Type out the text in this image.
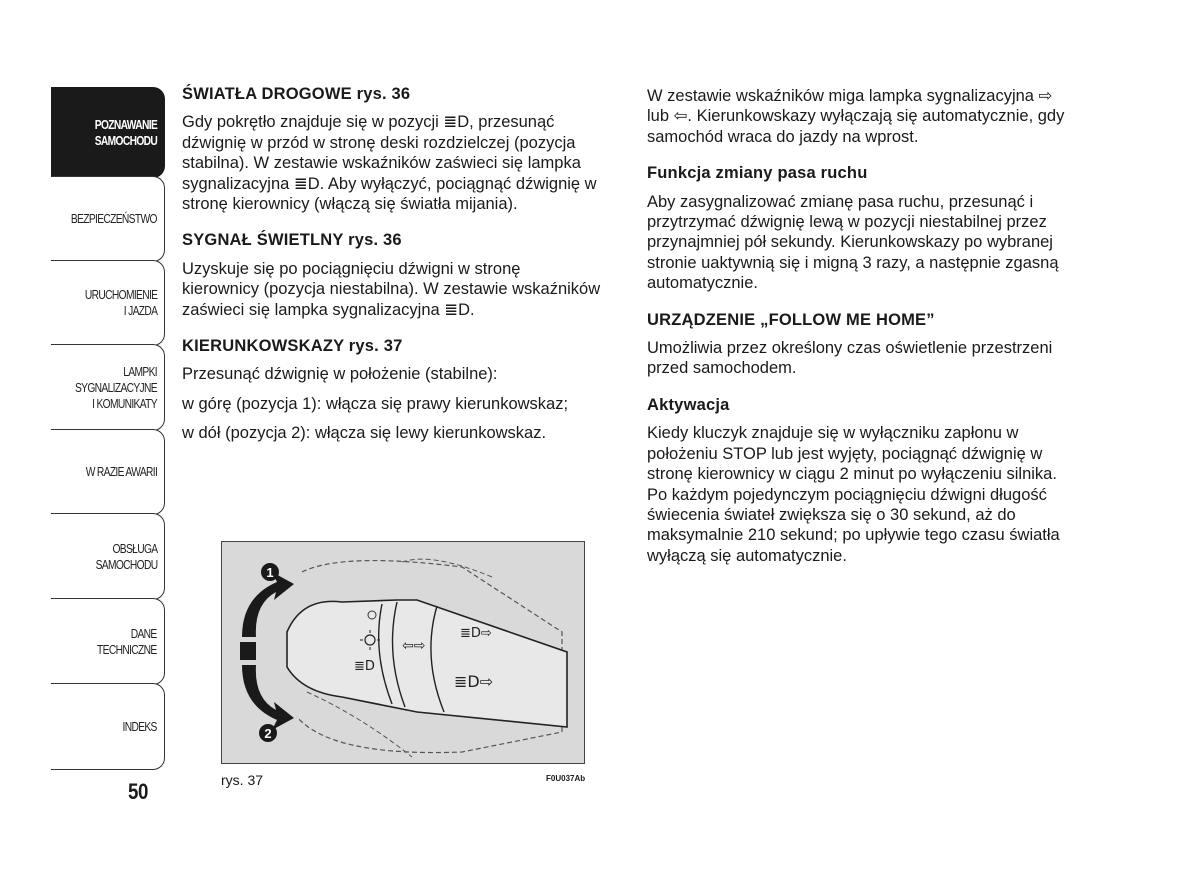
POZNAWANIE
SAMOCHODU
BEZPIECZEŃSTWO
URUCHOMIENIE
I JAZDA
LAMPKI
SYGNALIZACYJNE
I KOMUNIKATY
W RAZIE AWARII
OBSŁUGA
SAMOCHODU
DANE
TECHNICZNE
INDEKS
50
ŚWIATŁA DROGOWE rys. 36

Gdy pokrętło znajduje się w pozycji ≣D, przesunąć dźwignię w przód w stronę deski rozdzielczej (pozycja stabilna). W zestawie wskaźników zaświeci się lampka sygnalizacyjna ≣D. Aby wyłączyć, pociągnąć dźwignię w stronę kierownicy (włączą się światła mijania).

SYGNAŁ ŚWIETLNY rys. 36

Uzyskuje się po pociągnięciu dźwigni w stronę kierownicy (pozycja niestabilna). W zestawie wskaźników zaświeci się lampka sygnalizacyjna ≣D.

KIERUNKOWSKAZY rys. 37

Przesunąć dźwignię w położenie (stabilne):

w górę (pozycja 1): włącza się prawy kierunkowskaz;

w dół (pozycja 2): włącza się lewy kierunkowskaz.

W zestawie wskaźników miga lampka sygnalizacyjna ⇨ lub ⇦. Kierunkowskazy wyłączają się automatycznie, gdy samochód wraca do jazdy na wprost.

Funkcja zmiany pasa ruchu

Aby zasygnalizować zmianę pasa ruchu, przesunąć i przytrzymać dźwignię lewą w pozycji niestabilnej przez przynajmniej pół sekundy. Kierunkowskazy po wybranej stronie uaktywnią się i migną 3 razy, a następnie zgasną automatycznie.

URZĄDZENIE „FOLLOW ME HOME”

Umożliwia przez określony czas oświetlenie przestrzeni przed samochodem.

Aktywacja

Kiedy kluczyk znajduje się w wyłączniku zapłonu w położeniu STOP lub jest wyjęty, pociągnąć dźwignię w stronę kierownicy w ciągu 2 minut po wyłączeniu silnika.

Po każdym pojedynczym pociągnięciu dźwigni długość świecenia świateł zwiększa się o 30 sekund, aż do maksymalnie 210 sekund; po upływie tego czasu światła wyłączą się automatycznie.

≣D
⇦⇨
≣D⇨
≣D⇨
1
2
rys. 37	F0U037Ab
